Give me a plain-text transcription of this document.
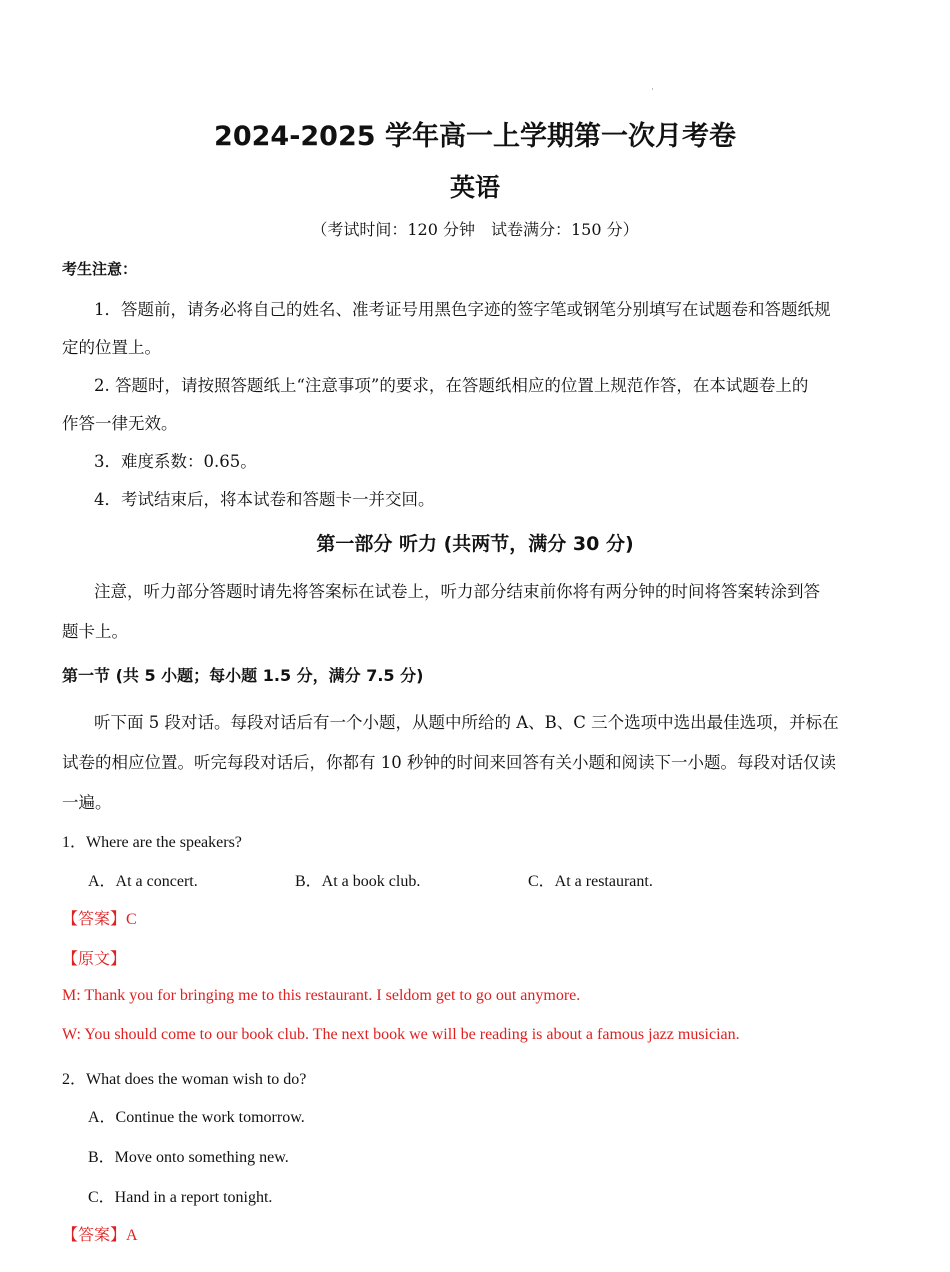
2024-2025 学年高一上学期第一次月考卷
英语
（考试时间：120 分钟　试卷满分：150 分）
考生注意：
1．答题前，请务必将自己的姓名、准考证号用黑色字迹的签字笔或钢笔分别填写在试题卷和答题纸规
定的位置上。
2. 答题时，请按照答题纸上“注意事项”的要求，在答题纸相应的位置上规范作答，在本试题卷上的
作答一律无效。
3．难度系数：0.65。
4．考试结束后，将本试卷和答题卡一并交回。
第一部分 听力 (共两节，满分 30 分)
注意，听力部分答题时请先将答案标在试卷上，听力部分结束前你将有两分钟的时间将答案转涂到答
题卡上。
第一节 (共 5 小题；每小题 1.5 分，满分 7.5 分)
听下面 5 段对话。每段对话后有一个小题，从题中所给的 A、B、C 三个选项中选出最佳选项，并标在
试卷的相应位置。听完每段对话后，你都有 10 秒钟的时间来回答有关小题和阅读下一小题。每段对话仅读
一遍。
1．Where are the speakers?
A．At a concert.	B．At a book club.	C．At a restaurant.
【答案】C
【原文】
M: Thank you for bringing me to this restaurant. I seldom get to go out anymore.
W: You should come to our book club. The next book we will be reading is about a famous jazz musician.
2．What does the woman wish to do?
A．Continue the work tomorrow.
B．Move onto something new.
C．Hand in a report tonight.
【答案】A
